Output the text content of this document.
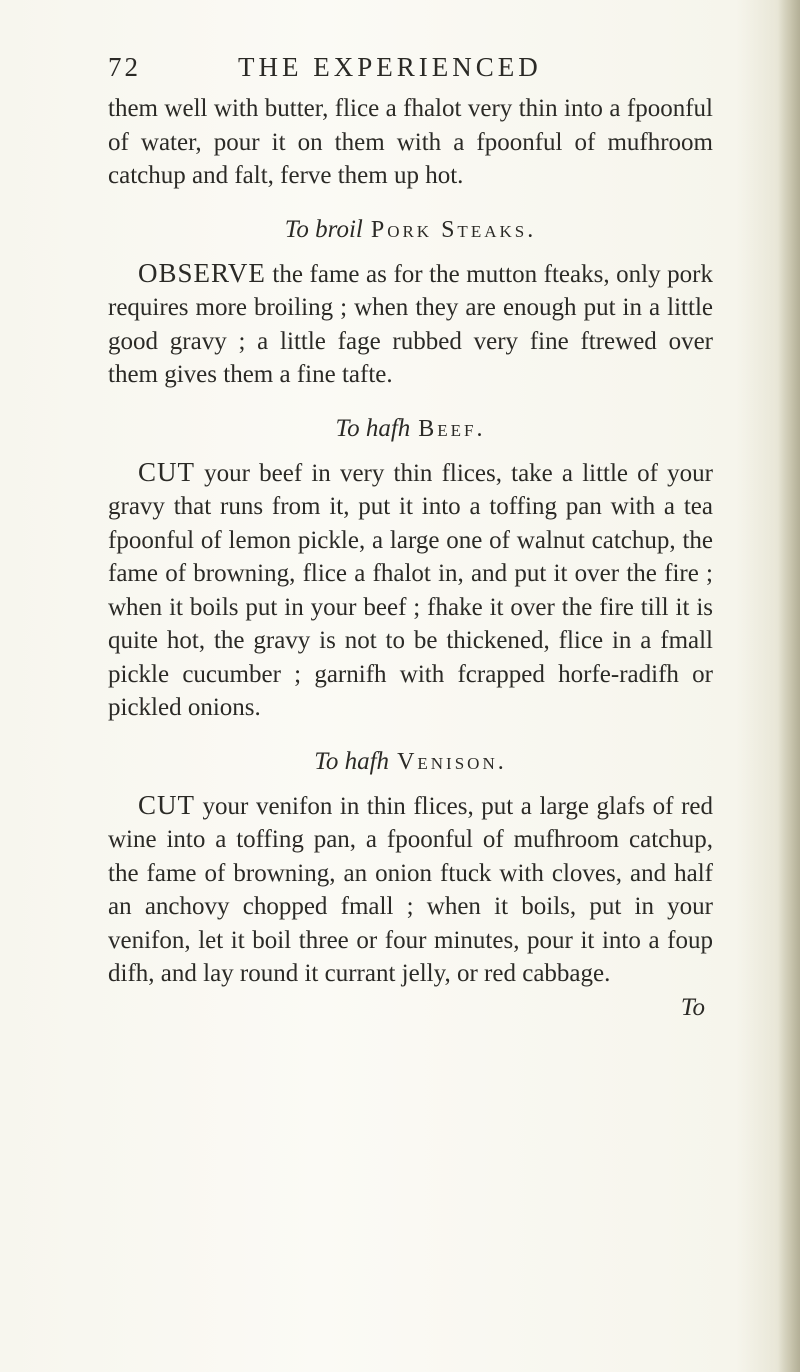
72	THE EXPERIENCED

them well with butter, flice a fhalot very thin into a fpoonful of water, pour it on them with a fpoonful of mufhroom catchup and falt, ferve them up hot.

To broil Pork Steaks.

OBSERVE the fame as for the mutton fteaks, only pork requires more broiling ; when they are enough put in a little good gravy ; a little fage rubbed very fine ftrewed over them gives them a fine tafte.

To hafh Beef.

CUT your beef in very thin flices, take a little of your gravy that runs from it, put it into a toffing pan with a tea fpoonful of lemon pickle, a large one of walnut catchup, the fame of browning, flice a fhalot in, and put it over the fire ; when it boils put in your beef ; fhake it over the fire till it is quite hot, the gravy is not to be thickened, flice in a fmall pickle cucumber ; garnifh with fcrapped horfe-radifh or pickled onions.

To hafh Venison.

CUT your venifon in thin flices, put a large glafs of red wine into a toffing pan, a fpoonful of mufhroom catchup, the fame of browning, an onion ftuck with cloves, and half an anchovy chopped fmall ; when it boils, put in your venifon, let it boil three or four minutes, pour it into a foup difh, and lay round it currant jelly, or red cabbage.

To
